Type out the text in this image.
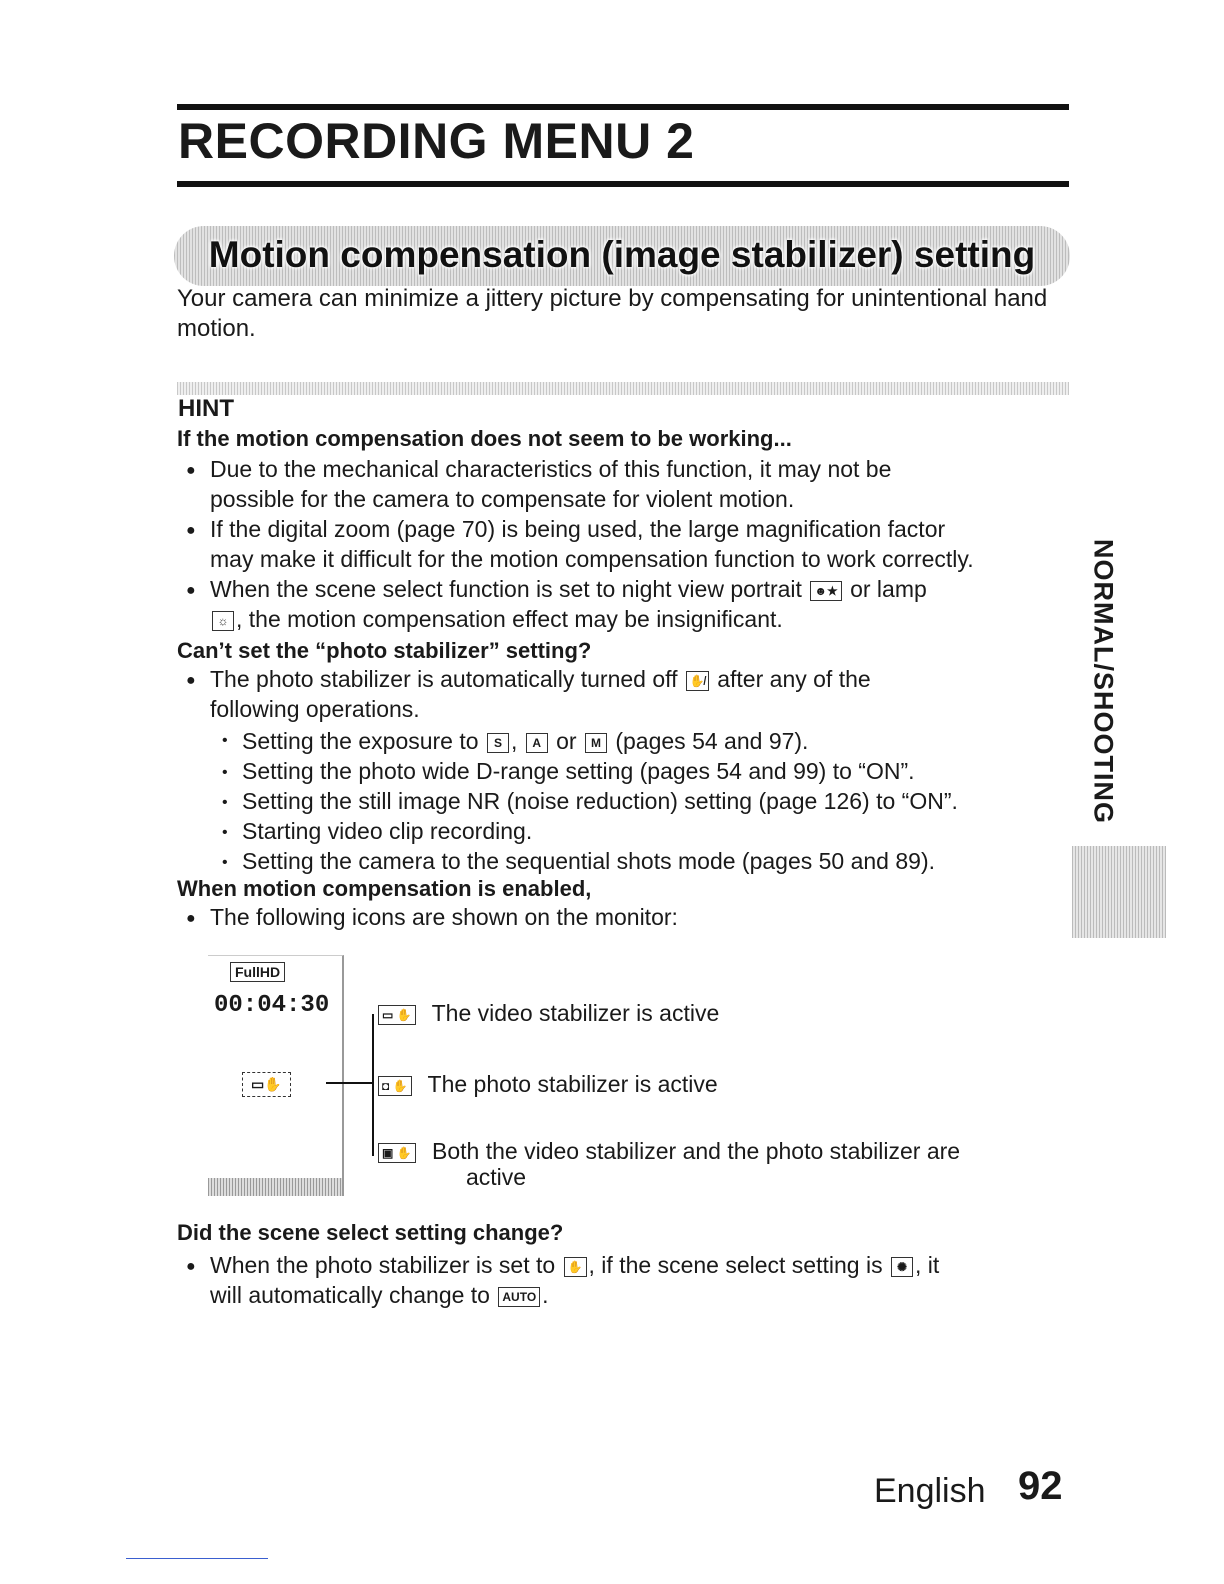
RECORDING MENU 2
Motion compensation (image stabilizer) setting
Your camera can minimize a jittery picture by compensating for unintentional hand motion.
HINT
If the motion compensation does not seem to be working...
● Due to the mechanical characteristics of this function, it may not be
possible for the camera to compensate for violent motion.
● If the digital zoom (page 70) is being used, the large magnification factor
may make it difficult for the motion compensation function to work correctly.
● When the scene select function is set to night view portrait ☻★ or lamp
☼ , the motion compensation effect may be insignificant.
Can’t set the “photo stabilizer” setting?
● The photo stabilizer is automatically turned off ✋̸ after any of the
following operations.
• Setting the exposure to S , A or M (pages 54 and 97).
• Setting the photo wide D-range setting (pages 54 and 99) to “ON”.
• Setting the still image NR (noise reduction) setting (page 126) to “ON”.
• Starting video clip recording.
• Setting the camera to the sequential shots mode (pages 50 and 89).
When motion compensation is enabled,
● The following icons are shown on the monitor:
FullHD
00:04:30
▭✋
▭ ✋ The video stabilizer is active
◘ ✋ The photo stabilizer is active
▣ ✋ Both the video stabilizer and the photo stabilizer are
active
Did the scene select setting change?
● When the photo stabilizer is set to ✋ , if the scene select setting is ✺ , it
will automatically change to AUTO .
NORMAL/SHOOTING
English 92
